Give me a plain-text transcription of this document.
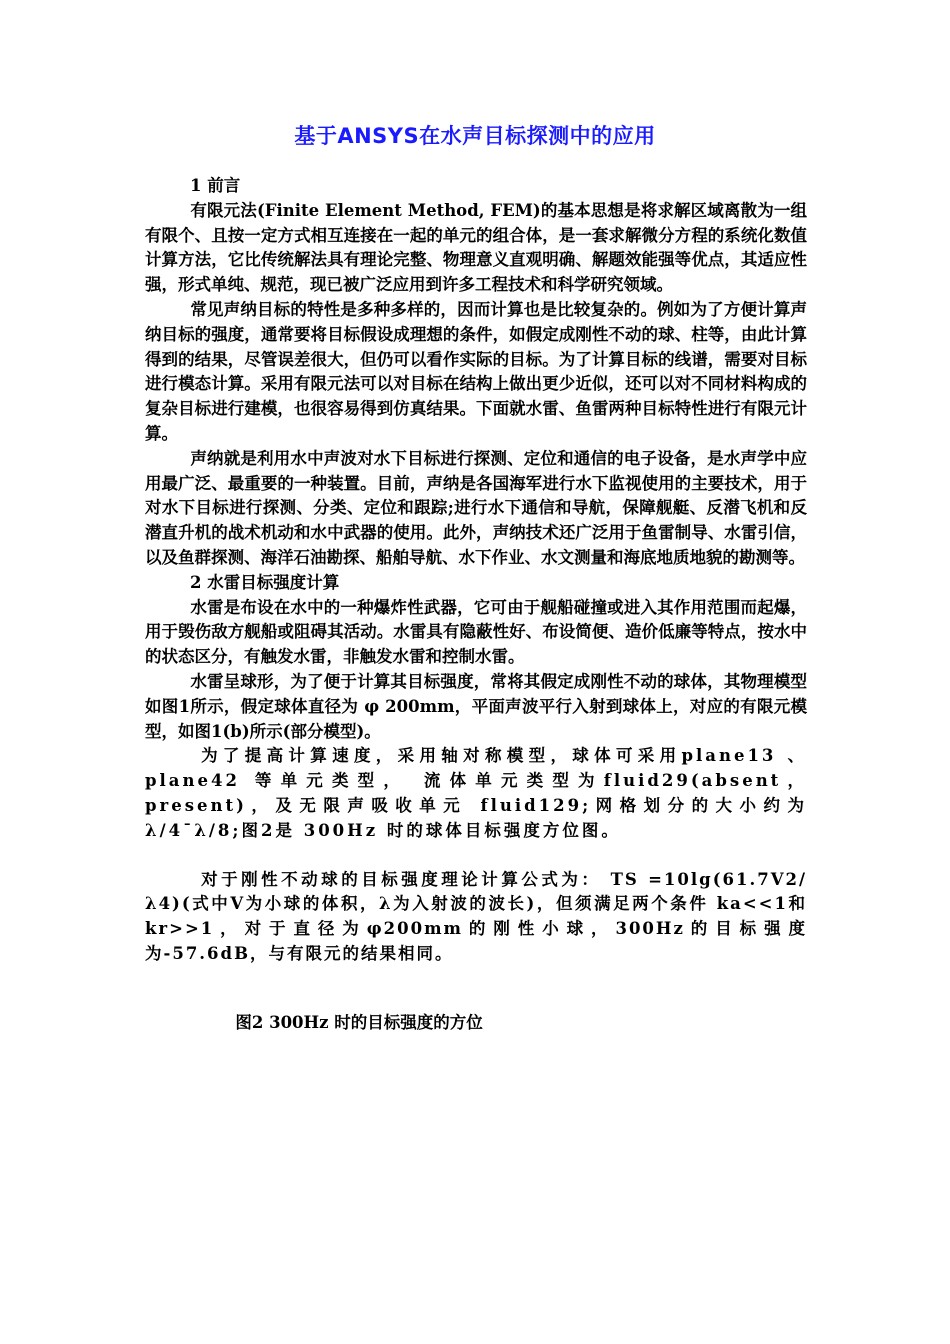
基于ANSYS在水声目标探测中的应用
1 前言

有限元法(Finite Element Method, FEM)的基本思想是将求解区域离散为一组有限个、且按一定方式相互连接在一起的单元的组合体，是一套求解微分方程的系统化数值计算方法，它比传统解法具有理论完整、物理意义直观明确、解题效能强等优点，其适应性强，形式单纯、规范，现已被广泛应用到许多工程技术和科学研究领域。

常见声纳目标的特性是多种多样的，因而计算也是比较复杂的。例如为了方便计算声纳目标的强度，通常要将目标假设成理想的条件，如假定成刚性不动的球、柱等，由此计算得到的结果，尽管误差很大，但仍可以看作实际的目标。为了计算目标的线谱，需要对目标进行模态计算。采用有限元法可以对目标在结构上做出更少近似，还可以对不同材料构成的复杂目标进行建模，也很容易得到仿真结果。下面就水雷、鱼雷两种目标特性进行有限元计算。

声纳就是利用水中声波对水下目标进行探测、定位和通信的电子设备，是水声学中应用最广泛、最重要的一种装置。目前，声纳是各国海军进行水下监视使用的主要技术，用于对水下目标进行探测、分类、定位和跟踪;进行水下通信和导航，保障舰艇、反潜飞机和反潜直升机的战术机动和水中武器的使用。此外，声纳技术还广泛用于鱼雷制导、水雷引信，以及鱼群探测、海洋石油勘探、船舶导航、水下作业、水文测量和海底地质地貌的勘测等。

2 水雷目标强度计算

水雷是布设在水中的一种爆炸性武器，它可由于舰船碰撞或进入其作用范围而起爆，用于毁伤敌方舰船或阻碍其活动。水雷具有隐蔽性好、布设简便、造价低廉等特点，按水中的状态区分，有触发水雷，非触发水雷和控制水雷。

水雷呈球形，为了便于计算其目标强度，常将其假定成刚性不动的球体，其物理模型如图1所示，假定球体直径为 φ 200mm，平面声波平行入射到球体上，对应的有限元模型，如图1(b)所示(部分模型)。

为了提高计算速度，采用轴对称模型，球体可采用plane13 、 plane42 等单元类型， 流体单元类型为fluid29(absent，present)，及无限声吸收单元 fluid129;网格划分的大小约为 λ/4¯λ/8;图2是 300Hz 时的球体目标强度方位图。

对于刚性不动球的目标强度理论计算公式为： TS =10lg(61.7V2/λ4)(式中V为小球的体积，λ为入射波的波长)，但须满足两个条件 ka<<1和 kr>>1，对于直径为φ200mm的刚性小球，300Hz的目标强度为-57.6dB，与有限元的结果相同。

图2 300Hz 时的目标强度的方位
